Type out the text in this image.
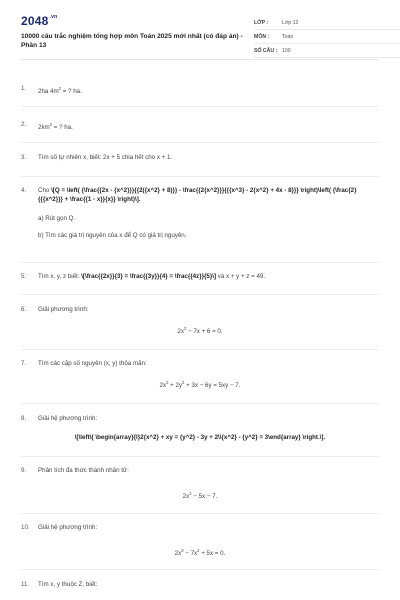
$2048^{.vn}$
10000 câu trắc nghiệm tổng hợp môn Toán 2025 mới nhất (có đáp án) - Phần 13
LỚP :	Lớp 12
MÔN :	Toán
SỐ CÂU : 100
1.	2ha $4m^2$ = ? ha.
2.	$2km^2$ = ? ha.
3.	Tìm số tự nhiên x, biết: 2x + 5 chia hết cho x + 1.
4.	Cho \[Q = \left( {\frac{{2x - {x^2}}}{{2({x^2} + 8)}} - \frac{{2{x^2}}}{{{x^3} - 2{x^2} + 4x - 8}}} \right)\left( {\frac{2}{{{x^2}}} + \frac{{1 - x}}{x}} \right)\].
a) Rút gọn Q.
b) Tìm các giá trị nguyên của x để Q có giá trị nguyên.
5.	Tìm x, y, z biết: \[\frac{{2x}}{3} = \frac{{3y}}{4} = \frac{{4z}}{5}\] và x + y + z = 49.
6.	Giải phương trình:
$2x^2 - 7x + 6 = 0$.
7.	Tìm các cặp số nguyên (x; y) thỏa mãn:
$2x^2 + 2y^2 + 3x - 6y = 5xy - 7$.
8.	Giải hệ phương trình:
\[\left\{ \begin{array}{l}2{x^2} + xy = {y^2} - 3y + 2\\{x^2} - {y^2} = 3\end{array} \right.\].
9.	Phân tích đa thức thành nhân tử:
$2x^2 - 5x - 7$.
10.	Giải hệ phương trình:
$2x^3 - 7x^2 + 5x = 0$.
11.	Tìm x, y thuộc Z, biết:
